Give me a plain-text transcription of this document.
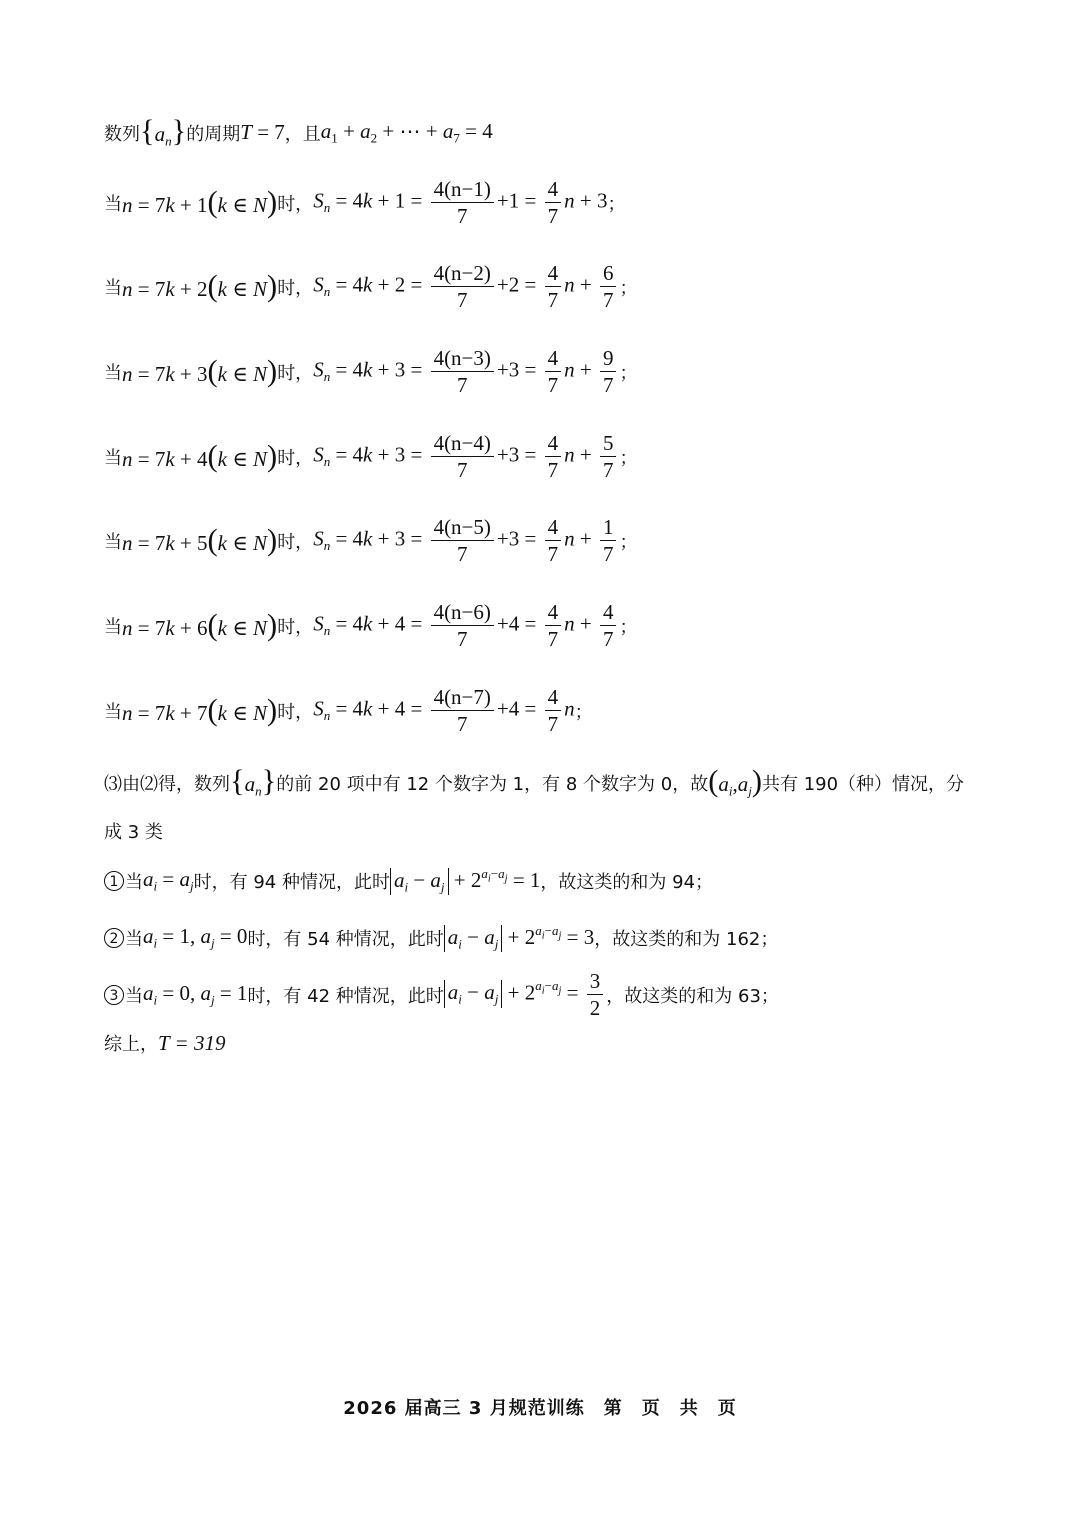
数列 $\{a_n\}$ 的周期 T = 7 ，且 $a_1 + a_2$ + ⋯ + $a_7 = 4$
当 n = 7k + 1(k ∈ N) 时， $S_n = 4k + 1 = \frac{4(n-1)}{7} +1 = \frac{4}{7}$ n + 3 ；
当 n = 7k + 2(k ∈ N) 时， $S_n = 4k + 2 = \frac{4(n-2)}{7} +2 = \frac{4}{7}$ $n + \frac{6}{7}$ ；
当 n = 7k + 3(k ∈ N) 时， $S_n = 4k + 3 = \frac{4(n-3)}{7} +3 = \frac{4}{7}$ $n + \frac{9}{7}$ ；
当 n = 7k + 4(k ∈ N) 时， $S_n = 4k + 3 = \frac{4(n-4)}{7} +3 = \frac{4}{7}$ $n + \frac{5}{7}$ ；
当 n = 7k + 5(k ∈ N) 时， $S_n = 4k + 3 = \frac{4(n-5)}{7} +3 = \frac{4}{7}$ $n + \frac{1}{7}$ ；
当 n = 7k + 6(k ∈ N) 时， $S_n = 4k + 4 = \frac{4(n-6)}{7} +4 = \frac{4}{7}$ $n + \frac{4}{7}$ ；
当 n = 7k + 7(k ∈ N) 时， $S_n = 4k + 4 = \frac{4(n-7)}{7} +4 = \frac{4}{7}$ n ；
⑶由⑵得，数列 $\{a_n\}$ 的前 20 项中有 12 个数字为 1，有 8 个数字为 0，故 $(a_i,a_j)$ 共有 190（种）情况，分
成 3 类
1 当 $a_i = a_j$ 时，有 94 种情况，此时 $a_i - a_j + 2^{a_i-a_j} = 1$ ，故这类的和为 94；
2 当 $a_i = 1$, $a_j = 0$ 时，有 54 种情况，此时 $a_i - a_j + 2^{a_i-a_j} = 3$ ，故这类的和为 162；
3 当 $a_i = 0$, $a_j = 1$ 时，有 42 种情况，此时 $a_i - a_j + 2^{a_i-a_j} = \frac{3}{2}$ ，故这类的和为 63；
综上， T = 319
2026 届高三 3 月规范训练　第　页　共　页
